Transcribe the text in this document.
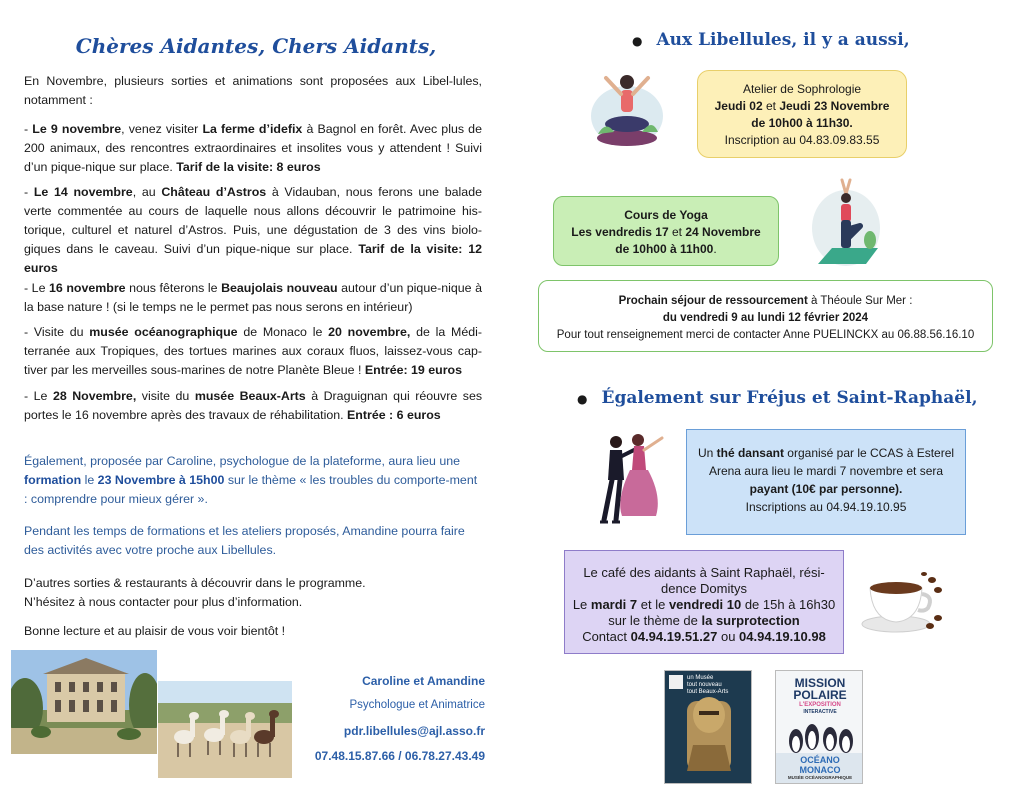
Chères Aidantes, Chers Aidants,

En Novembre, plusieurs sorties et animations sont proposées aux Libel-lules, notamment :

- Le 9 novembre, venez visiter La ferme d’idefix à Bagnol en forêt. Avec plus de 200 animaux, des rencontres extraordinaires et insolites vous y attendent ! Suivi d’un pique-nique sur place. Tarif de la visite: 8 euros

- Le 14 novembre, au Château d’Astros à Vidauban, nous ferons une balade verte commentée au cours de laquelle nous allons découvrir le patrimoine his-torique, culturel et naturel d’Astros. Puis, une dégustation de 3 des vins biolo-giques dans le caveau. Suivi d’un pique-nique sur place. Tarif de la visite: 12 euros

- Le 16 novembre nous fêterons le Beaujolais nouveau autour d’un pique-nique à la base nature ! (si le temps ne le permet pas nous serons en intérieur)

- Visite du musée océanographique de Monaco le 20 novembre, de la Médi-terranée aux Tropiques, des tortues marines aux coraux fluos, laissez-vous cap-tiver par les merveilles sous-marines de notre Planète Bleue ! Entrée: 19 euros

- Le 28 Novembre, visite du musée Beaux-Arts à Draguignan qui réouvre ses portes le 16 novembre après des travaux de réhabilitation. Entrée : 6 euros

Également, proposée par Caroline, psychologue de la plateforme, aura lieu une formation le 23 Novembre à 15h00 sur le thème « les troubles du comporte-ment : comprendre pour mieux gérer ».

Pendant les temps de formations et les ateliers proposés, Amandine pourra faire des activités avec votre proche aux Libellules.

D’autres sorties & restaurants à découvrir dans le programme.

N’hésitez à nous contacter pour plus d’information.

Bonne lecture et au plaisir de vous voir bientôt !

Caroline et Amandine
Psychologue et Animatrice
pdr.libellules@ajl.asso.fr
07.48.15.87.66 / 06.78.27.43.49
● Aux Libellules, il y a aussi,
Atelier de Sophrologie
Jeudi 02 et Jeudi 23 Novembre
de 10h00 à 11h30.
Inscription au 04.83.09.83.55
Cours de Yoga
Les vendredis 17 et 24 Novembre
de 10h00 à 11h00.
Prochain séjour de ressourcement à Théoule Sur Mer :
du vendredi 9 au lundi 12 février 2024
Pour tout renseignement merci de contacter Anne PUELINCKX au 06.88.56.16.10
● Également sur Fréjus et Saint-Raphaël,
Un thé dansant organisé par le CCAS à Esterel Arena aura lieu le mardi 7 novembre et sera payant (10€ par personne).
Inscriptions au 04.94.19.10.95
Le café des aidants à Saint Raphaël, rési-dence Domitys
Le mardi 7 et le vendredi 10 de 15h à 16h30 sur le thème de la surprotection
Contact 04.94.19.51.27 ou 04.94.19.10.98
un Musée
tout nouveau
tout Beaux-Arts
MISSION
POLAIRE
L'EXPOSITION
INTERACTIVE
OCÉANO
MONACO
MUSÉE OCÉANOGRAPHIQUE
